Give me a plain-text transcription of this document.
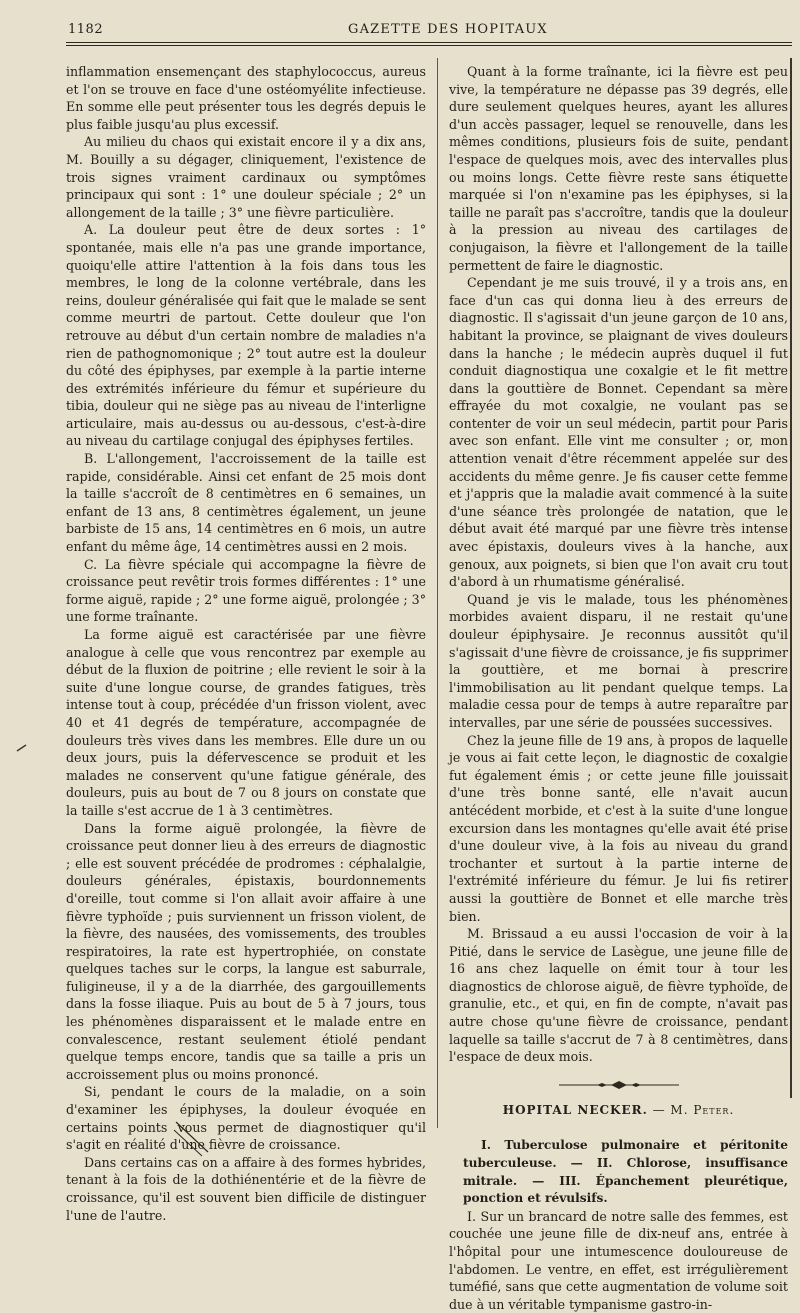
1182	GAZETTE DES HOPITAUX

inflammation ensemençant des staphylococcus, aureus et l'on se trouve en face d'une ostéomyélite infectieuse. En somme elle peut présenter tous les degrés depuis le plus faible jusqu'au plus excessif.

Au milieu du chaos qui existait encore il y a dix ans, M. Bouilly a su dégager, cliniquement, l'existence de trois signes vraiment cardinaux ou symptômes principaux qui sont : 1° une douleur spéciale ; 2° un allongement de la taille ; 3° une fièvre particulière.

A. La douleur peut être de deux sortes : 1° spontanée, mais elle n'a pas une grande importance, quoiqu'elle attire l'attention à la fois dans tous les membres, le long de la colonne vertébrale, dans les reins, douleur généralisée qui fait que le malade se sent comme meurtri de partout. Cette douleur que l'on retrouve au début d'un certain nombre de maladies n'a rien de pathognomonique ; 2° tout autre est la douleur du côté des épiphyses, par exemple à la partie interne des extrémités inférieure du fémur et supérieure du tibia, douleur qui ne siège pas au niveau de l'interligne articulaire, mais au-dessus ou au-dessous, c'est-à-dire au niveau du cartilage conjugal des épiphyses fertiles.

B. L'allongement, l'accroissement de la taille est rapide, considérable. Ainsi cet enfant de 25 mois dont la taille s'accroît de 8 centimètres en 6 semaines, un enfant de 13 ans, 8 centimètres également, un jeune barbiste de 15 ans, 14 centimètres en 6 mois, un autre enfant du même âge, 14 centimètres aussi en 2 mois.

C. La fièvre spéciale qui accompagne la fièvre de croissance peut revêtir trois formes différentes : 1° une forme aiguë, rapide ; 2° une forme aiguë, prolongée ; 3° une forme traînante.

La forme aiguë est caractérisée par une fièvre analogue à celle que vous rencontrez par exemple au début de la fluxion de poitrine ; elle revient le soir à la suite d'une longue course, de grandes fatigues, très intense tout à coup, précédée d'un frisson violent, avec 40 et 41 degrés de température, accompagnée de douleurs très vives dans les membres. Elle dure un ou deux jours, puis la défervescence se produit et les malades ne conservent qu'une fatigue générale, des douleurs, puis au bout de 7 ou 8 jours on constate que la taille s'est accrue de 1 à 3 centimètres.

Dans la forme aiguë prolongée, la fièvre de croissance peut donner lieu à des erreurs de diagnostic ; elle est souvent précédée de prodromes : céphalalgie, douleurs générales, épistaxis, bourdonnements d'oreille, tout comme si l'on allait avoir affaire à une fièvre typhoïde ; puis surviennent un frisson violent, de la fièvre, des nausées, des vomissements, des troubles respiratoires, la rate est hypertrophiée, on constate quelques taches sur le corps, la langue est saburrale, fuligineuse, il y a de la diarrhée, des gargouillements dans la fosse iliaque. Puis au bout de 5 à 7 jours, tous les phénomènes disparaissent et le malade entre en convalescence, restant seulement étiolé pendant quelque temps encore, tandis que sa taille a pris un accroissement plus ou moins prononcé.

Si, pendant le cours de la maladie, on a soin d'examiner les épiphyses, la douleur évoquée en certains points vous permet de diagnostiquer qu'il s'agit en réalité d'une fièvre de croissance.

Dans certains cas on a affaire à des formes hybrides, tenant à la fois de la dothiénentérie et de la fièvre de croissance, qu'il est souvent bien difficile de distinguer l'une de l'autre.

Quant à la forme traînante, ici la fièvre est peu vive, la température ne dépasse pas 39 degrés, elle dure seulement quelques heures, ayant les allures d'un accès passager, lequel se renouvelle, dans les mêmes conditions, plusieurs fois de suite, pendant l'espace de quelques mois, avec des intervalles plus ou moins longs. Cette fièvre reste sans étiquette marquée si l'on n'examine pas les épiphyses, si la taille ne paraît pas s'accroître, tandis que la douleur à la pression au niveau des cartilages de conjugaison, la fièvre et l'allongement de la taille permettent de faire le diagnostic.

Cependant je me suis trouvé, il y a trois ans, en face d'un cas qui donna lieu à des erreurs de diagnostic. Il s'agissait d'un jeune garçon de 10 ans, habitant la province, se plaignant de vives douleurs dans la hanche ; le médecin auprès duquel il fut conduit diagnostiqua une coxalgie et le fit mettre dans la gouttière de Bonnet. Cependant sa mère effrayée du mot coxalgie, ne voulant pas se contenter de voir un seul médecin, partit pour Paris avec son enfant. Elle vint me consulter ; or, mon attention venait d'être récemment appelée sur des accidents du même genre. Je fis causer cette femme et j'appris que la maladie avait commencé à la suite d'une séance très prolongée de natation, que le début avait été marqué par une fièvre très intense avec épistaxis, douleurs vives à la hanche, aux genoux, aux poignets, si bien que l'on avait cru tout d'abord à un rhumatisme généralisé.

Quand je vis le malade, tous les phénomènes morbides avaient disparu, il ne restait qu'une douleur épiphysaire. Je reconnus aussitôt qu'il s'agissait d'une fièvre de croissance, je fis supprimer la gouttière, et me bornai à prescrire l'immobilisation au lit pendant quelque temps. La maladie cessa pour de temps à autre reparaître par intervalles, par une série de poussées successives.

Chez la jeune fille de 19 ans, à propos de laquelle je vous ai fait cette leçon, le diagnostic de coxalgie fut également émis ; or cette jeune fille jouissait d'une très bonne santé, elle n'avait aucun antécédent morbide, et c'est à la suite d'une longue excursion dans les montagnes qu'elle avait été prise d'une douleur vive, à la fois au niveau du grand trochanter et surtout à la partie interne de l'extrémité inférieure du fémur. Je lui fis retirer aussi la gouttière de Bonnet et elle marche très bien.

M. Brissaud a eu aussi l'occasion de voir à la Pitié, dans le service de Lasègue, une jeune fille de 16 ans chez laquelle on émit tour à tour les diagnostics de chlorose aiguë, de fièvre typhoïde, de granulie, etc., et qui, en fin de compte, n'avait pas autre chose qu'une fièvre de croissance, pendant laquelle sa taille s'accrut de 7 à 8 centimètres, dans l'espace de deux mois.

HOPITAL NECKER. — M. Peter.

I. Tuberculose pulmonaire et péritonite tuberculeuse. — II. Chlorose, insuffisance mitrale. — III. Épanchement pleurétique, ponction et révulsifs.

I. Sur un brancard de notre salle des femmes, est couchée une jeune fille de dix-neuf ans, entrée à l'hôpital pour une intumescence douloureuse de l'abdomen. Le ventre, en effet, est irrégulièrement tuméfié, sans que cette augmentation de volume soit due à un véritable tympanisme gastro-in-
